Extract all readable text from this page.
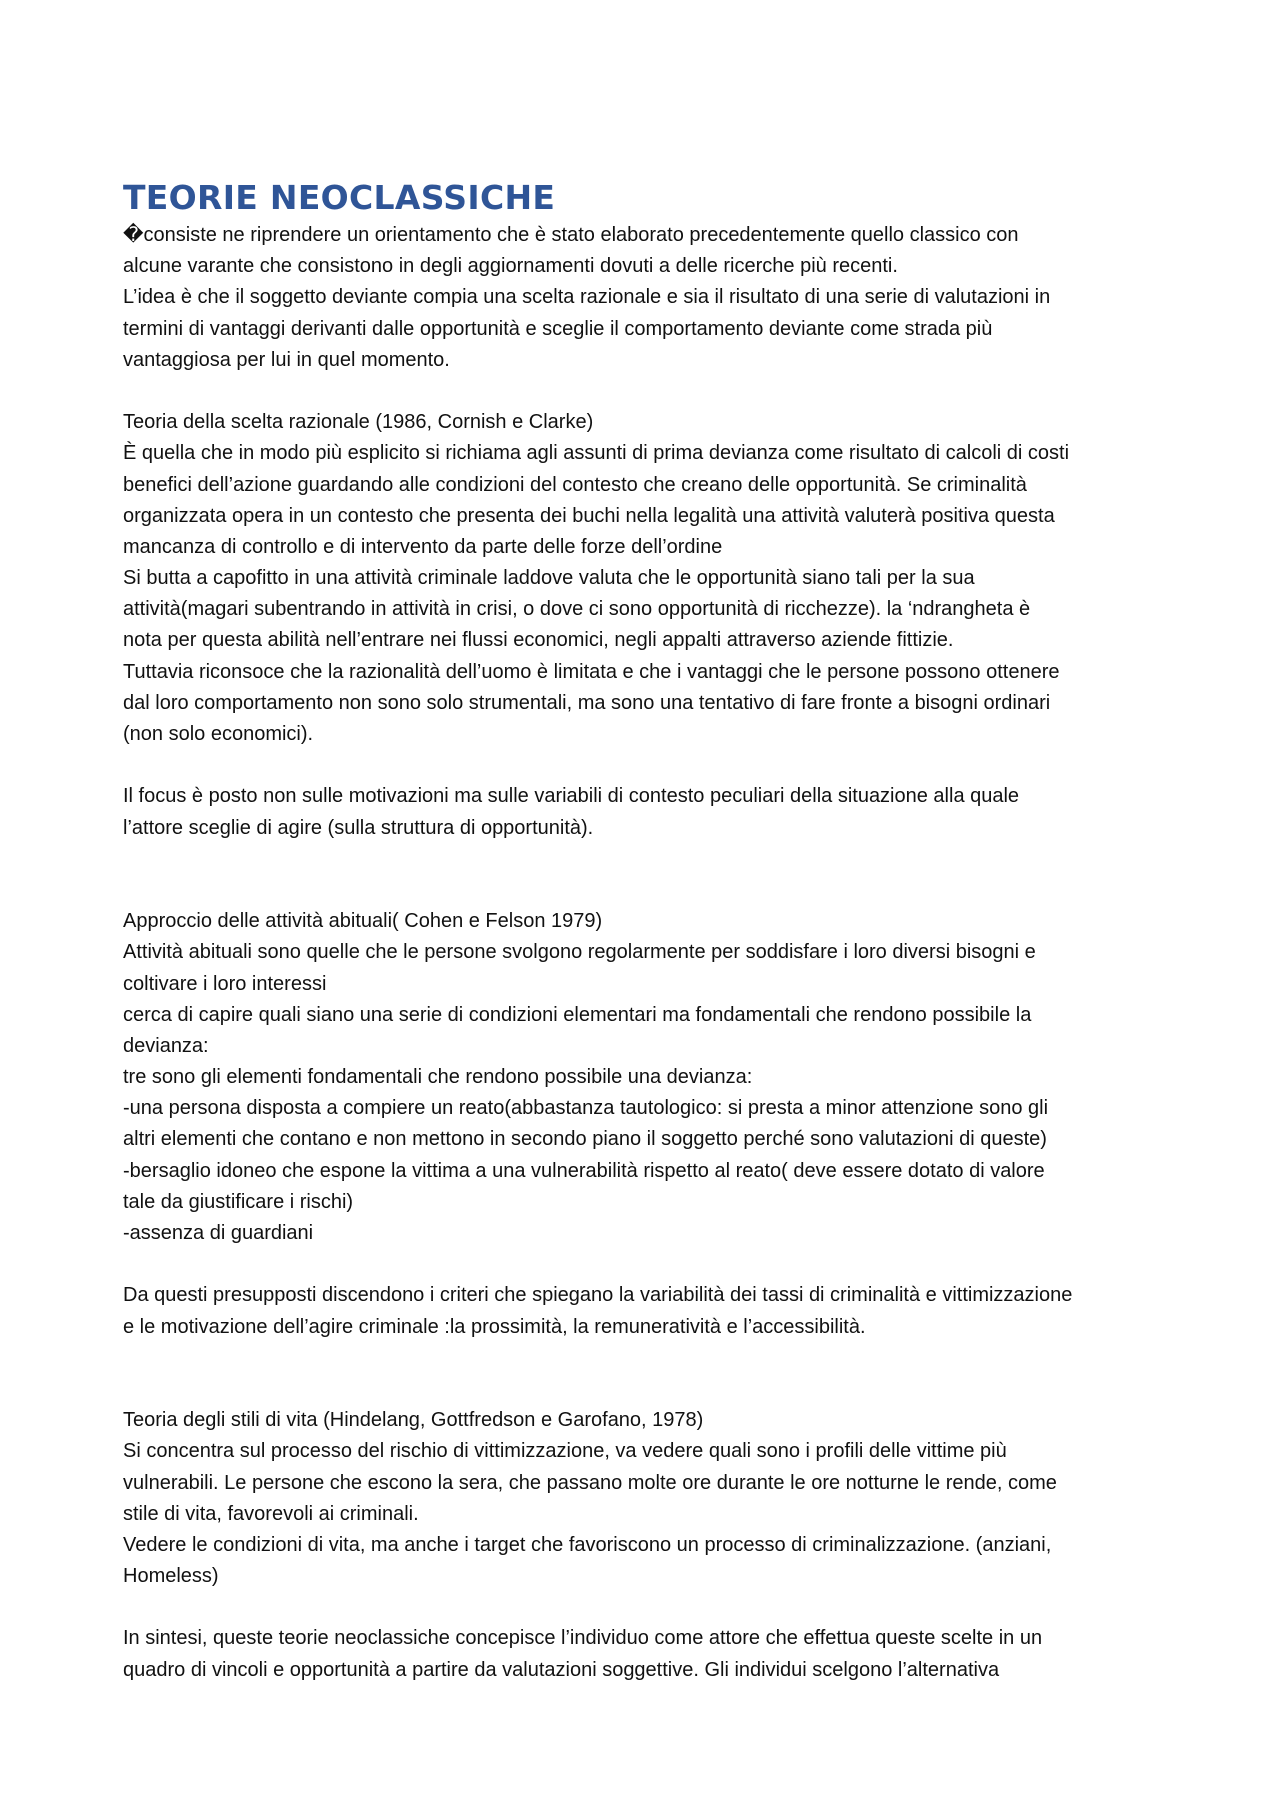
TEORIE NEOCLASSICHE
�consiste ne riprendere un orientamento che è stato elaborato precedentemente quello classico con
alcune varante che consistono in degli aggiornamenti dovuti a delle ricerche più recenti.
L’idea è che il soggetto deviante compia una scelta razionale e sia il risultato di una serie di valutazioni in
termini di vantaggi derivanti dalle opportunità e sceglie il comportamento deviante come strada più
vantaggiosa per lui in quel momento.
Teoria della scelta razionale (1986, Cornish e Clarke)
È quella che in modo più esplicito si richiama agli assunti di prima devianza come risultato di calcoli di costi
benefici dell’azione guardando alle condizioni del contesto che creano delle opportunità. Se criminalità
organizzata opera in un contesto che presenta dei buchi nella legalità una attività valuterà positiva questa
mancanza di controllo e di intervento da parte delle forze dell’ordine
Si butta a capofitto in una attività criminale laddove valuta che le opportunità siano tali per la sua
attività(magari subentrando in attività in crisi, o dove ci sono opportunità di ricchezze). la ‘ndrangheta è
nota per questa abilità nell’entrare nei flussi economici, negli appalti attraverso aziende fittizie.
Tuttavia riconsoce che la razionalità dell’uomo è limitata e che i vantaggi che le persone possono ottenere
dal loro comportamento non sono solo strumentali, ma sono una tentativo di fare fronte a bisogni ordinari
(non solo economici).
Il focus è posto non sulle motivazioni ma sulle variabili di contesto peculiari della situazione alla quale
l’attore sceglie di agire (sulla struttura di opportunità).
Approccio delle attività abituali( Cohen e Felson 1979)
Attività abituali sono quelle che le persone svolgono regolarmente per soddisfare i loro diversi bisogni e
coltivare i loro interessi
cerca di capire quali siano una serie di condizioni elementari ma fondamentali che rendono possibile la
devianza:
tre sono gli elementi fondamentali che rendono possibile una devianza:
-una persona disposta a compiere un reato(abbastanza tautologico: si presta a minor attenzione sono gli
altri elementi che contano e non mettono in secondo piano il soggetto perché sono valutazioni di queste)
-bersaglio idoneo che espone la vittima a una vulnerabilità rispetto al reato( deve essere dotato di valore
tale da giustificare i rischi)
-assenza di guardiani
Da questi presupposti discendono i criteri che spiegano la variabilità dei tassi di criminalità e vittimizzazione
e le motivazione dell’agire criminale :la prossimità, la remuneratività e l’accessibilità.
Teoria degli stili di vita (Hindelang, Gottfredson e Garofano, 1978)
Si concentra sul processo del rischio di vittimizzazione, va vedere quali sono i profili delle vittime più
vulnerabili. Le persone che escono la sera, che passano molte ore durante le ore notturne le rende, come
stile di vita, favorevoli ai criminali.
Vedere le condizioni di vita, ma anche i target che favoriscono un processo di criminalizzazione. (anziani,
Homeless)
In sintesi, queste teorie neoclassiche concepisce l’individuo come attore che effettua queste scelte in un
quadro di vincoli e opportunità a partire da valutazioni soggettive. Gli individui scelgono l’alternativa
